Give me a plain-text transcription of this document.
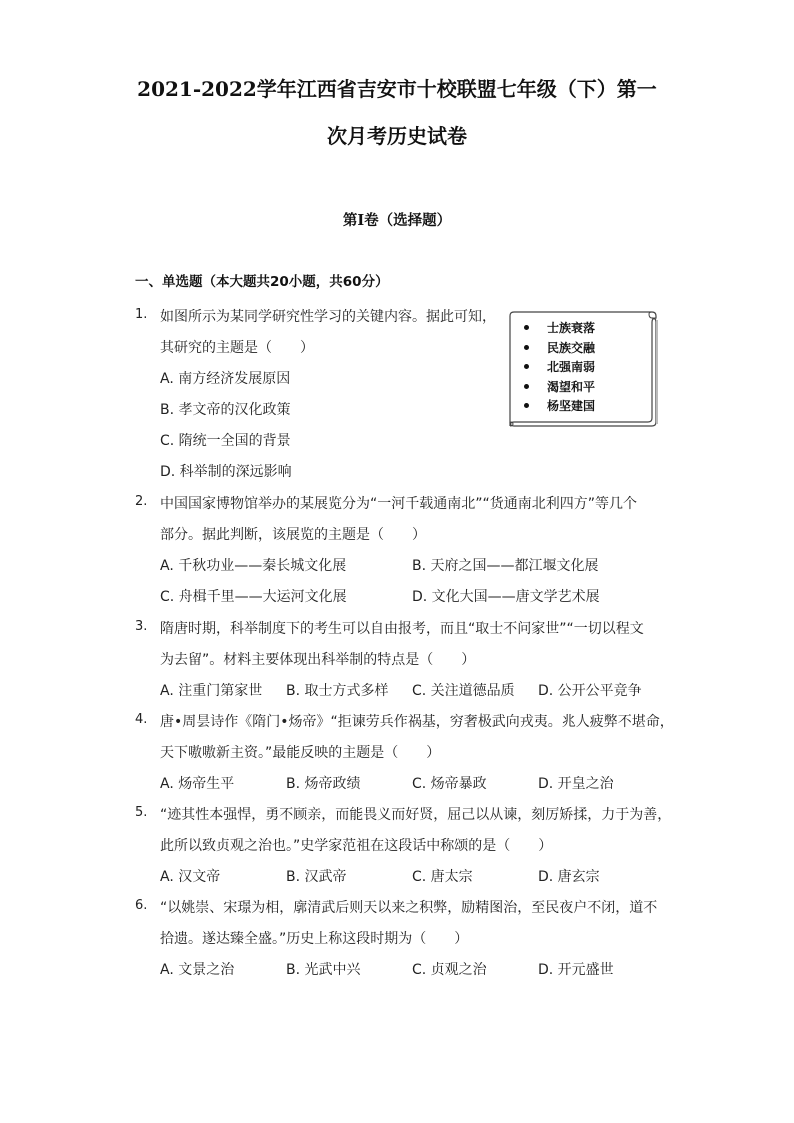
2021-2022学年江西省吉安市十校联盟七年级（下）第一
次月考历史试卷
第I卷（选择题）
一、单选题（本大题共20小题，共60分）
1. 如图所示为某同学研究性学习的关键内容。据此可知，
其研究的主题是（　　）
A. 南方经济发展原因
B. 孝文帝的汉化政策
C. 隋统一全国的背景
D. 科举制的深远影响
士族衰落
民族交融
北强南弱
渴望和平
杨坚建国
2. 中国国家博物馆举办的某展览分为“一河千载通南北”“货通南北利四方”等几个
部分。据此判断，该展览的主题是（　　）
A. 千秋功业——秦长城文化展	B. 天府之国——都江堰文化展
C. 舟楫千里——大运河文化展	D. 文化大国——唐文学艺术展
3. 隋唐时期，科举制度下的考生可以自由报考，而且“取士不问家世”“一切以程文
为去留”。材料主要体现出科举制的特点是（　　）
A. 注重门第家世 B. 取士方式多样 C. 关注道德品质 D. 公开公平竞争
4. 唐•周昙诗作《隋门•炀帝》“拒谏劳兵作祸基，穷奢极武向戎夷。兆人疲弊不堪命，
天下嗷嗷新主资。”最能反映的主题是（　　）
A. 炀帝生平	B. 炀帝政绩	C. 炀帝暴政	D. 开皇之治
5. “迹其性本强悍，勇不顾亲，而能畏义而好贤，屈己以从谏，刻厉矫揉，力于为善，
此所以致贞观之治也。”史学家范祖在这段话中称颂的是（　　）
A. 汉文帝	B. 汉武帝	C. 唐太宗	D. 唐玄宗
6. “以姚崇、宋璟为相，廓清武后则天以来之积弊，励精图治，至民夜户不闭，道不
拾遗。遂达臻全盛。”历史上称这段时期为（　　）
A. 文景之治	B. 光武中兴	C. 贞观之治	D. 开元盛世
